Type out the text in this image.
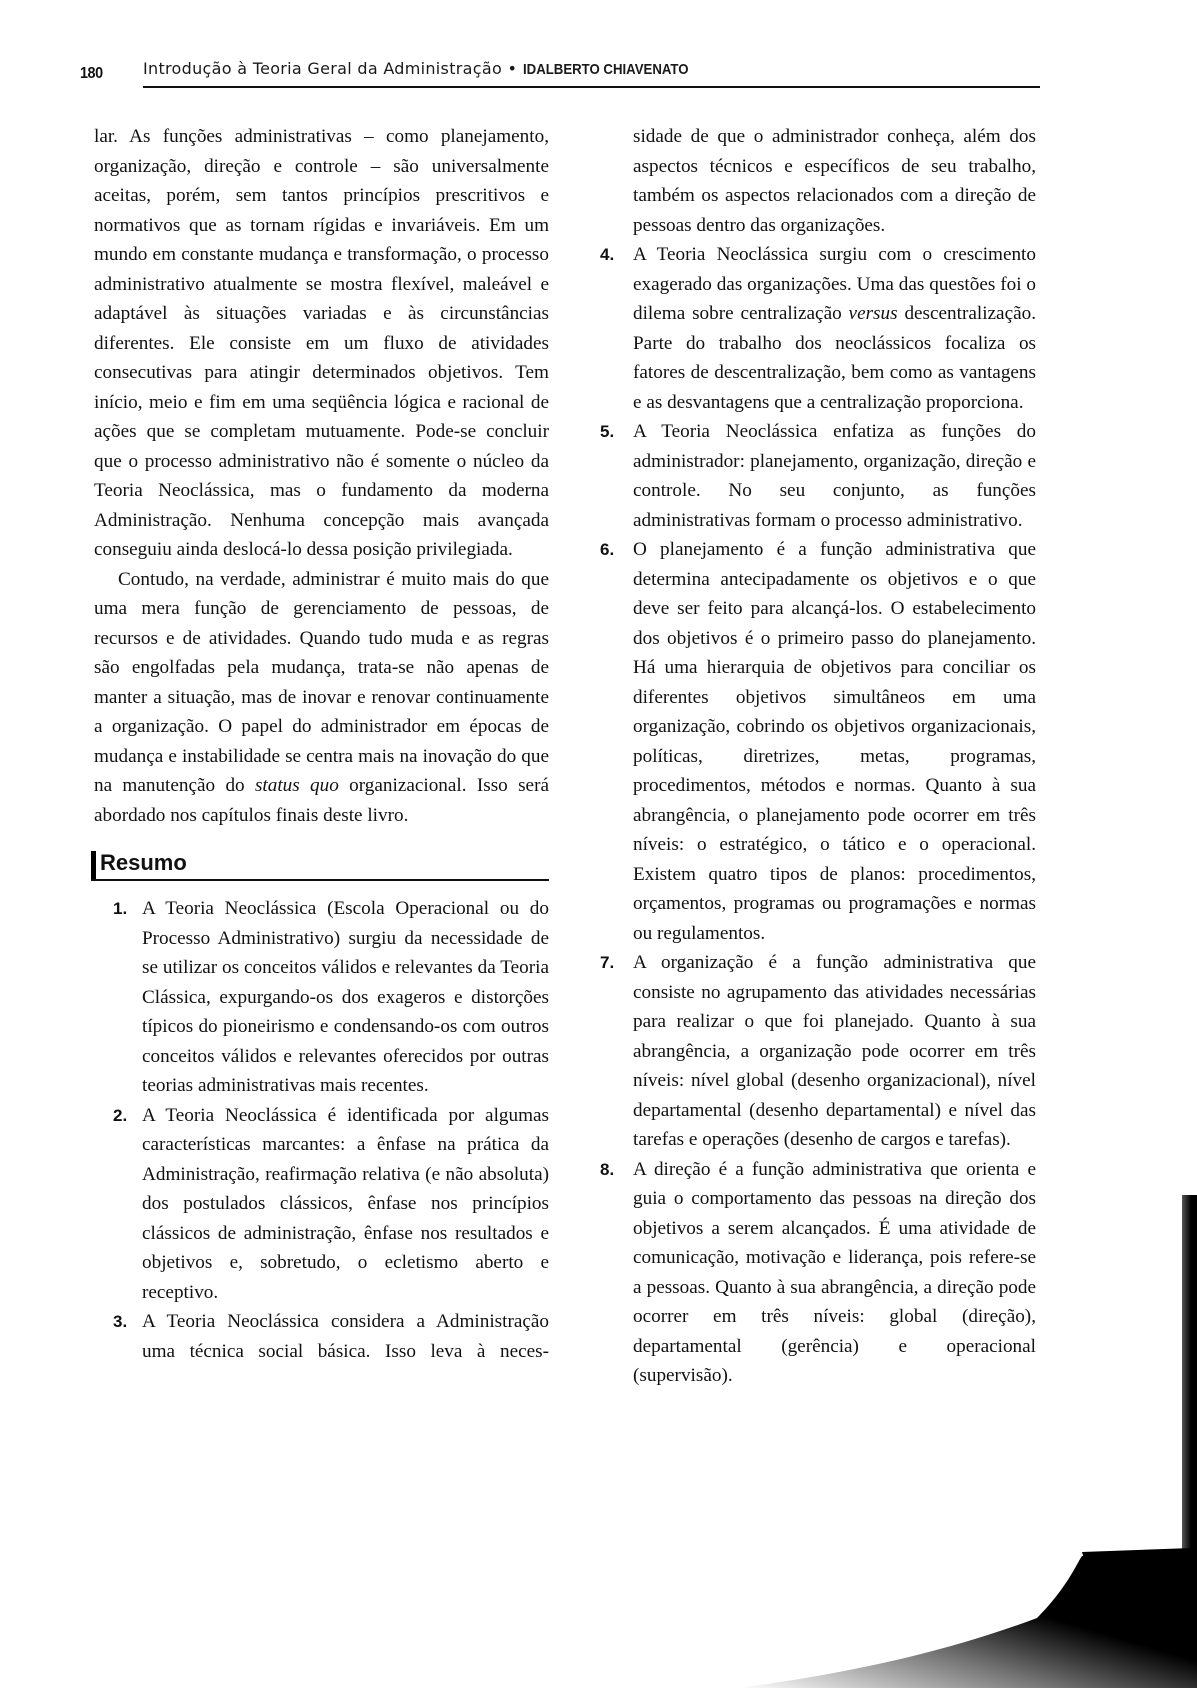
180	Introdução à Teoria Geral da Administração • IDALBERTO CHIAVENATO

lar. As funções administrativas – como planejamento, organização, direção e controle – são universalmente aceitas, porém, sem tantos princípios prescritivos e normativos que as tornam rígidas e invariáveis. Em um mundo em constante mudança e transformação, o processo administrativo atualmente se mostra flexível, maleável e adaptável às situações variadas e às circunstâncias diferentes. Ele consiste em um fluxo de atividades consecutivas para atingir determinados objetivos. Tem início, meio e fim em uma seqüência lógica e racional de ações que se completam mutuamente. Pode-se concluir que o processo administrativo não é somente o núcleo da Teoria Neoclássica, mas o fundamento da moderna Administração. Nenhuma concepção mais avançada conseguiu ainda deslocá-lo dessa posição privilegiada.

Contudo, na verdade, administrar é muito mais do que uma mera função de gerenciamento de pessoas, de recursos e de atividades. Quando tudo muda e as regras são engolfadas pela mudança, trata-se não apenas de manter a situação, mas de inovar e renovar continuamente a organização. O papel do administrador em épocas de mudança e instabilidade se centra mais na inovação do que na manutenção do status quo organizacional. Isso será abordado nos capítulos finais deste livro.

Resumo
1. A Teoria Neoclássica (Escola Operacional ou do Processo Administrativo) surgiu da necessidade de se utilizar os conceitos válidos e relevantes da Teoria Clássica, expurgando-os dos exageros e distorções típicos do pioneirismo e condensando-os com outros conceitos válidos e relevantes oferecidos por outras teorias administrativas mais recentes.
2. A Teoria Neoclássica é identificada por algumas características marcantes: a ênfase na prática da Administração, reafirmação relativa (e não absoluta) dos postulados clássicos, ênfase nos princípios clássicos de administração, ênfase nos resultados e objetivos e, sobretudo, o ecletismo aberto e receptivo.
3. A Teoria Neoclássica considera a Administração uma técnica social básica. Isso leva à neces-

sidade de que o administrador conheça, além dos aspectos técnicos e específicos de seu trabalho, também os aspectos relacionados com a direção de pessoas dentro das organizações.

4. A Teoria Neoclássica surgiu com o crescimento exagerado das organizações. Uma das questões foi o dilema sobre centralização versus descentralização. Parte do trabalho dos neoclássicos focaliza os fatores de descentralização, bem como as vantagens e as desvantagens que a centralização proporciona.
5. A Teoria Neoclássica enfatiza as funções do administrador: planejamento, organização, direção e controle. No seu conjunto, as funções administrativas formam o processo administrativo.
6. O planejamento é a função administrativa que determina antecipadamente os objetivos e o que deve ser feito para alcançá-los. O estabelecimento dos objetivos é o primeiro passo do planejamento. Há uma hierarquia de objetivos para conciliar os diferentes objetivos simultâneos em uma organização, cobrindo os objetivos organizacionais, políticas, diretrizes, metas, programas, procedimentos, métodos e normas. Quanto à sua abrangência, o planejamento pode ocorrer em três níveis: o estratégico, o tático e o operacional. Existem quatro tipos de planos: procedimentos, orçamentos, programas ou programações e normas ou regulamentos.
7. A organização é a função administrativa que consiste no agrupamento das atividades necessárias para realizar o que foi planejado. Quanto à sua abrangência, a organização pode ocorrer em três níveis: nível global (desenho organizacional), nível departamental (desenho departamental) e nível das tarefas e operações (desenho de cargos e tarefas).
8. A direção é a função administrativa que orienta e guia o comportamento das pessoas na direção dos objetivos a serem alcançados. É uma atividade de comunicação, motivação e liderança, pois refere-se a pessoas. Quanto à sua abrangência, a direção pode ocorrer em três níveis: global (direção), departamental (gerência) e operacional (supervisão).
